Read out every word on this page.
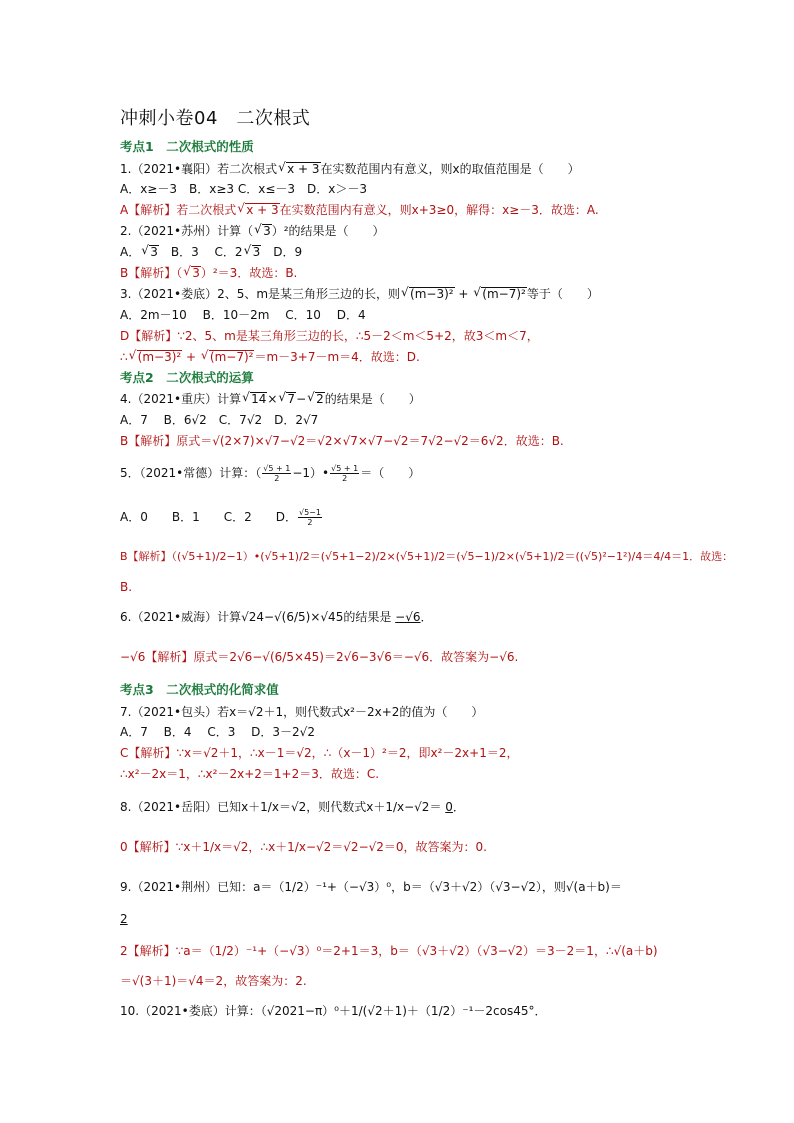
冲刺小卷04　二次根式
考点1　二次根式的性质
1.（2021•襄阳）若二次根式 √ x + 3在实数范围内有意义，则x的取值范围是（　　）
A．x≥－3　B．x≥3 C．x≤－3　D．x＞－3
A【解析】若二次根式 √ x + 3在实数范围内有意义，则x+3≥0，解得：x≥－3．故选：A.
2.（2021•苏州）计算（ √ 3）²的结果是（　　）
A． √ 3　B．3　 C．2 √ 3　D．9
B【解析】（ √ 3）²＝3．故选：B.
3.（2021•娄底）2、5、m是某三角形三边的长，则 √ (m−3)² + √ (m−7)²等于（　　）
A．2m－10　 B．10－2m　 C．10　 D．4
D【解析】∵2、5、m是某三角形三边的长，∴5－2＜m＜5+2，故3＜m＜7，
∴ √ (m−3)² + √ (m−7)²＝m－3+7－m＝4．故选：D.
考点2　二次根式的运算
4.（2021•重庆）计算 √ 14× √ 7− √ 2的结果是（　　）
A．7　 B．6√2　C．7√2　D．2√7
B【解析】原式＝√(2×7)×√7−√2＝√2×√7×√7−√2＝7√2−√2＝6√2．故选：B.
5．（2021•常德）计算：（ $\frac{√5 + 1}{2}$ −1）• $\frac{√5 + 1}{2}$ ＝（　　）
A．0　　B．1　　C．2　　D． $\frac{√5-1}{2}$
B【解析】（(√5+1)/2−1）•(√5+1)/2＝(√5+1−2)/2×(√5+1)/2＝(√5−1)/2×(√5+1)/2＝((√5)²−1²)/4＝4/4＝1．故选：
B.
6.（2021•威海）计算√24−√(6/5)×√45的结果是 −√6．
−√6【解析】原式＝2√6−√(6/5×45)＝2√6−3√6＝−√6．故答案为−√6.
考点3　二次根式的化简求值
7.（2021•包头）若x＝√2＋1，则代数式x²－2x+2的值为（　　）
A．7　 B．4　 C．3　 D．3－2√2
C【解析】∵x＝√2＋1，∴x－1＝√2，∴（x－1）²＝2，即x²－2x+1＝2，
∴x²－2x＝1，∴x²－2x+2＝1+2＝3．故选：C.
8.（2021•岳阳）已知x＋1/x＝√2，则代数式x＋1/x−√2＝ 0．
0【解析】∵x＋1/x＝√2，∴x＋1/x−√2＝√2−√2＝0，故答案为：0.
9.（2021•荆州）已知：a＝（1/2）⁻¹+（−√3）⁰，b＝（√3＋√2）（√3−√2），则√(a＋b)＝
2
2【解析】∵a＝（1/2）⁻¹+（−√3）⁰＝2+1＝3，b＝（√3＋√2）（√3−√2）＝3－2＝1，∴√(a＋b)
＝√(3＋1)＝√4＝2，故答案为：2.
10.（2021•娄底）计算：（√2021−π）⁰＋1/(√2＋1)＋（1/2）⁻¹－2cos45°．
